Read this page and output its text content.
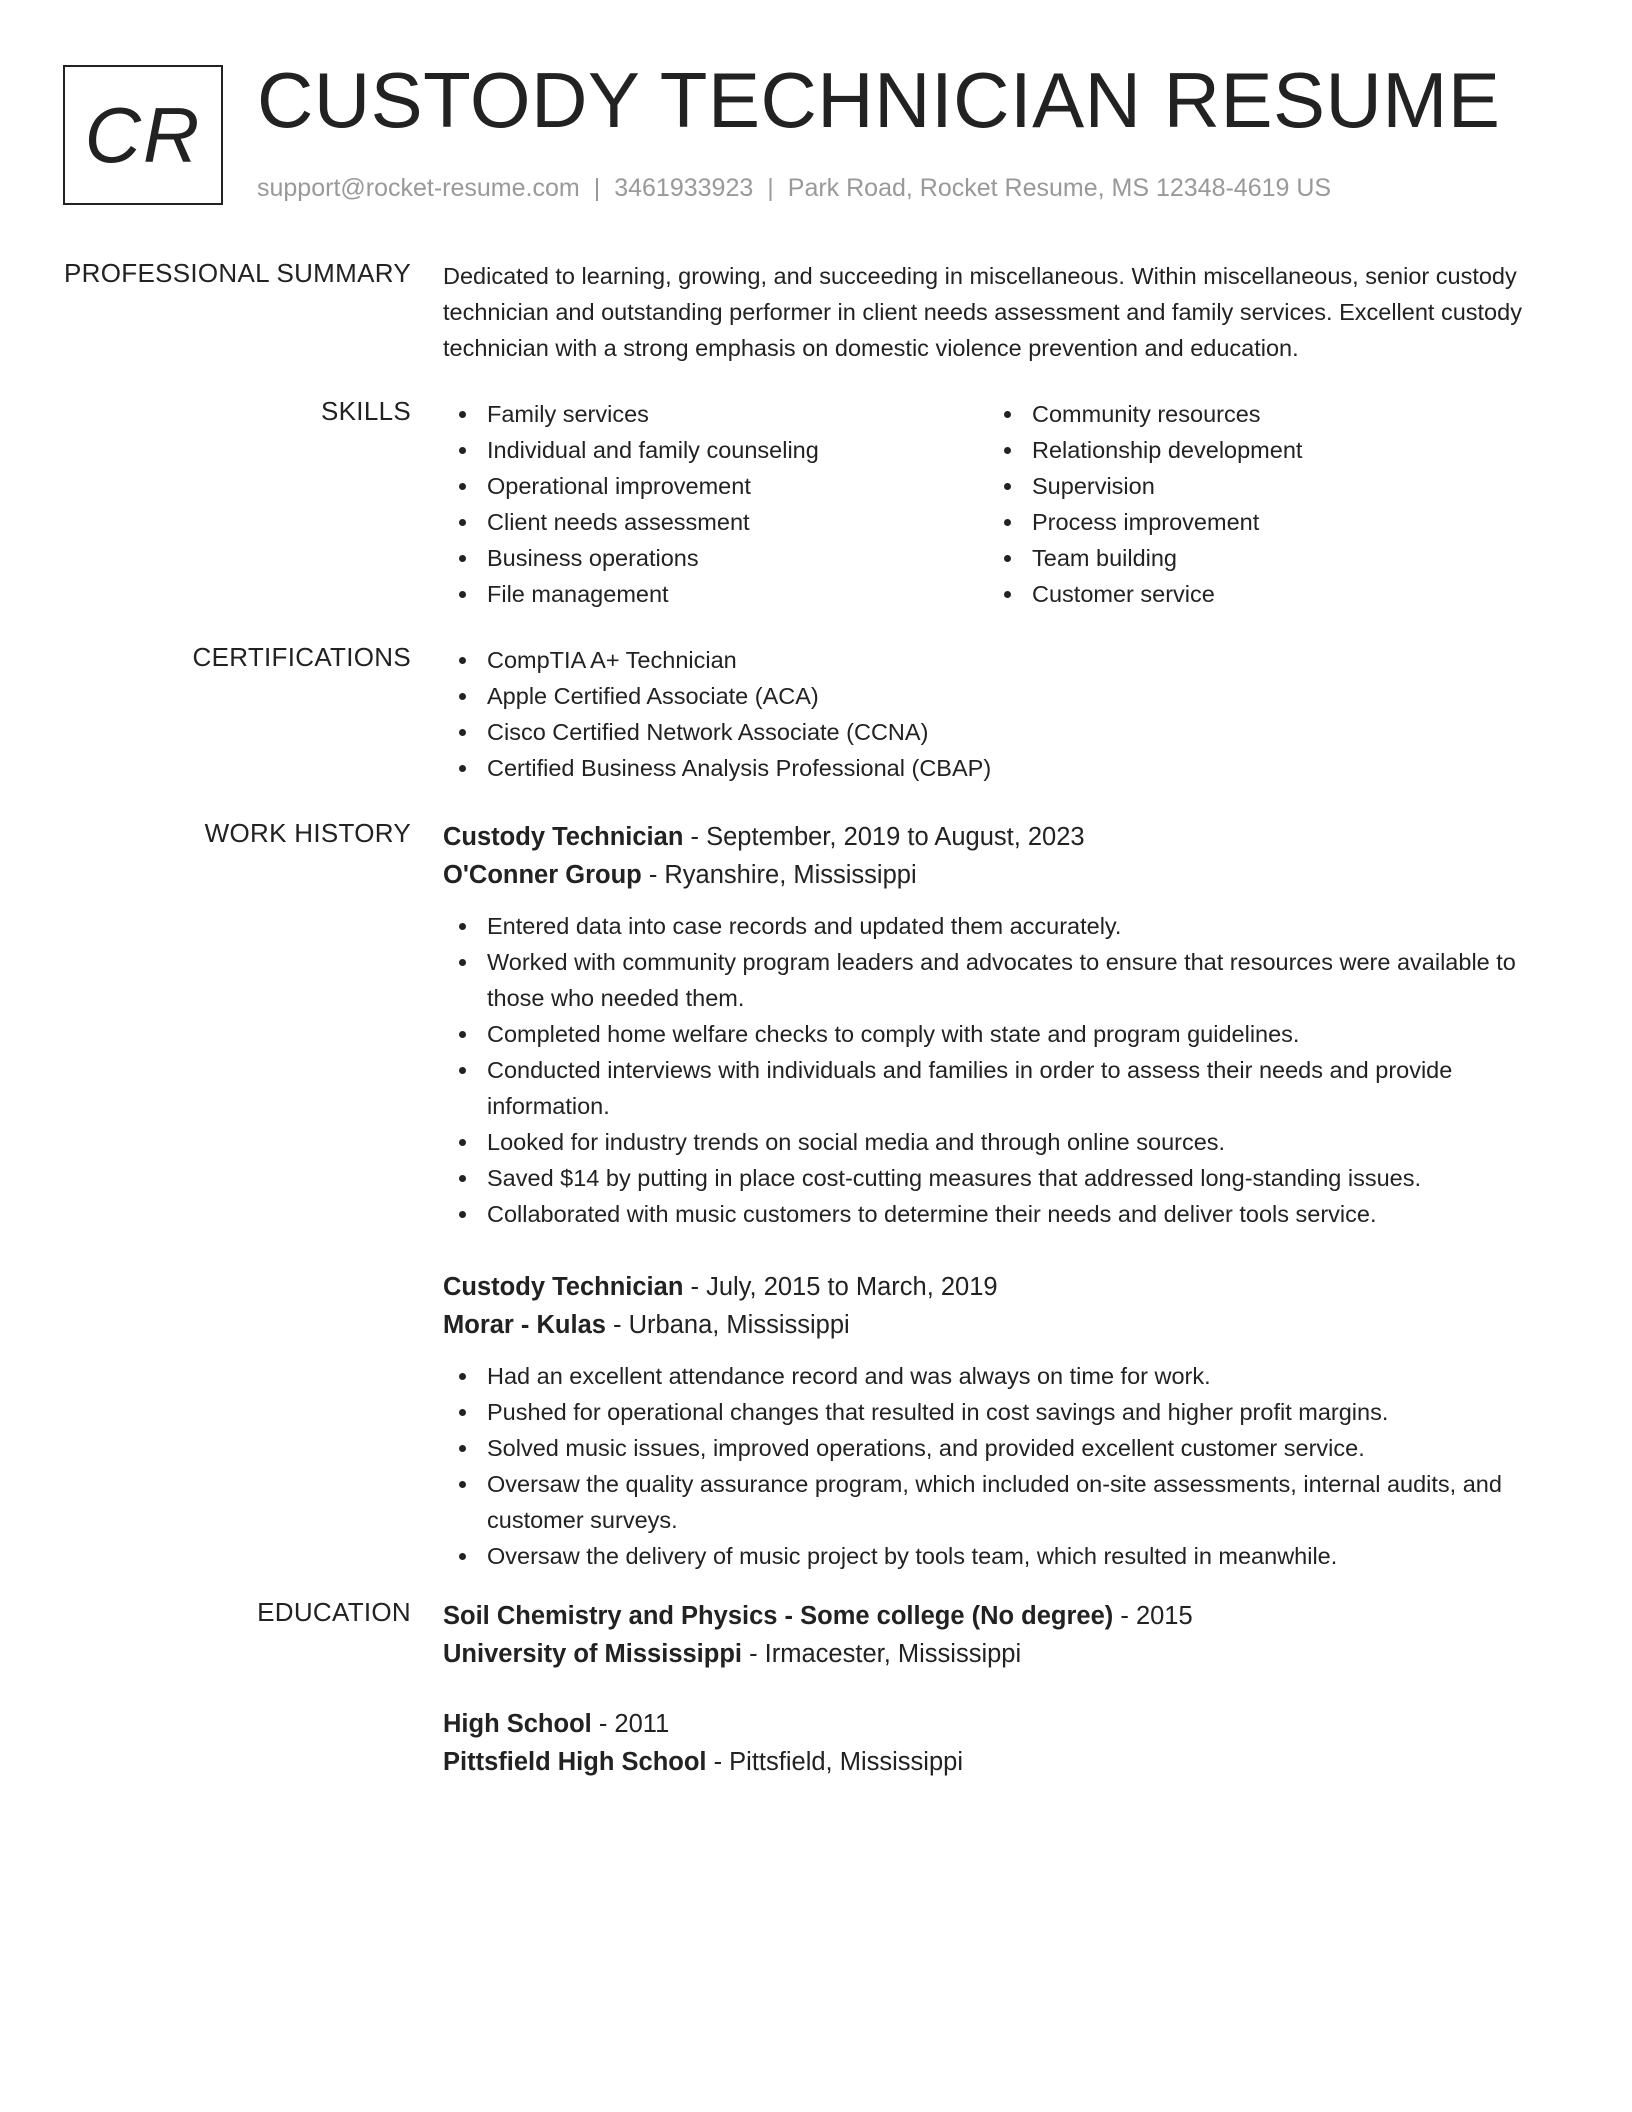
CR CUSTODY TECHNICIAN RESUME
support@rocket-resume.com | 3461933923 | Park Road, Rocket Resume, MS 12348-4619 US
PROFESSIONAL SUMMARY Dedicated to learning, growing, and succeeding in miscellaneous. Within miscellaneous, senior custody technician and outstanding performer in client needs assessment and family services. Excellent custody technician with a strong emphasis on domestic violence prevention and education.

SKILLS	Family services
Individual and family counseling
Operational improvement
Client needs assessment
Business operations
File management
Community resources
Relationship development
Supervision
Process improvement
Team building
Customer service
CERTIFICATIONS	CompTIA A+ Technician
Apple Certified Associate (ACA)
Cisco Certified Network Associate (CCNA)
Certified Business Analysis Professional (CBAP)
WORK HISTORY Custody Technician - September, 2019 to August, 2023
O'Conner Group - Ryanshire, Mississippi
Entered data into case records and updated them accurately.
Worked with community program leaders and advocates to ensure that resources were available to those who needed them.
Completed home welfare checks to comply with state and program guidelines.
Conducted interviews with individuals and families in order to assess their needs and provide information.
Looked for industry trends on social media and through online sources.
Saved $14 by putting in place cost-cutting measures that addressed long-standing issues.
Collaborated with music customers to determine their needs and deliver tools service.
Custody Technician - July, 2015 to March, 2019
Morar - Kulas - Urbana, Mississippi
Had an excellent attendance record and was always on time for work.
Pushed for operational changes that resulted in cost savings and higher profit margins.
Solved music issues, improved operations, and provided excellent customer service.
Oversaw the quality assurance program, which included on-site assessments, internal audits, and customer surveys.
Oversaw the delivery of music project by tools team, which resulted in meanwhile.
EDUCATION Soil Chemistry and Physics - Some college (No degree) - 2015
University of Mississippi - Irmacester, Mississippi
High School - 2011
Pittsfield High School - Pittsfield, Mississippi
